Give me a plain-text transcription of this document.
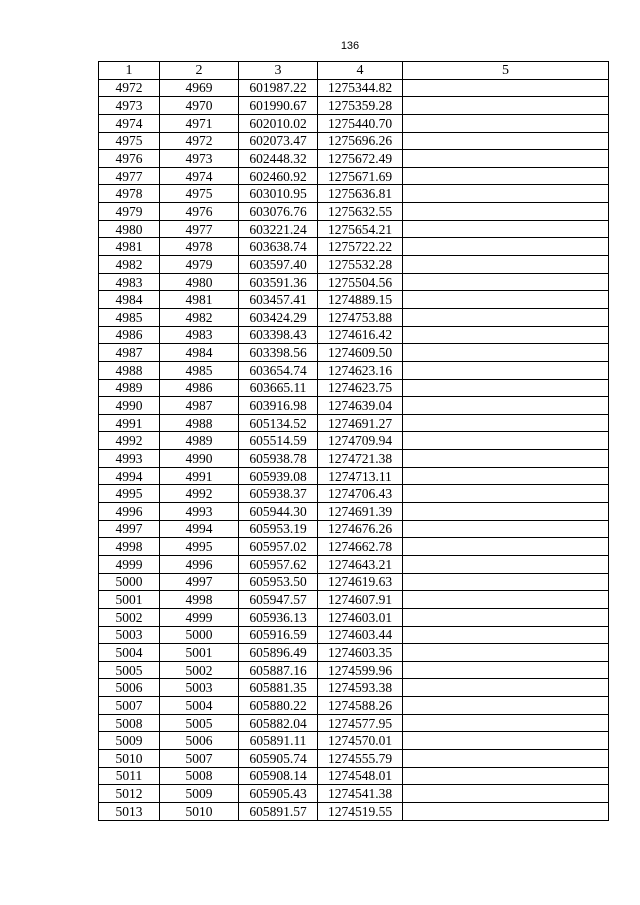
136
1	2	3	4	5
4972	4969	601987.22	1275344.82	
4973	4970	601990.67	1275359.28	
4974	4971	602010.02	1275440.70	
4975	4972	602073.47	1275696.26	
4976	4973	602448.32	1275672.49	
4977	4974	602460.92	1275671.69	
4978	4975	603010.95	1275636.81	
4979	4976	603076.76	1275632.55	
4980	4977	603221.24	1275654.21	
4981	4978	603638.74	1275722.22	
4982	4979	603597.40	1275532.28	
4983	4980	603591.36	1275504.56	
4984	4981	603457.41	1274889.15	
4985	4982	603424.29	1274753.88	
4986	4983	603398.43	1274616.42	
4987	4984	603398.56	1274609.50	
4988	4985	603654.74	1274623.16	
4989	4986	603665.11	1274623.75	
4990	4987	603916.98	1274639.04	
4991	4988	605134.52	1274691.27	
4992	4989	605514.59	1274709.94	
4993	4990	605938.78	1274721.38	
4994	4991	605939.08	1274713.11	
4995	4992	605938.37	1274706.43	
4996	4993	605944.30	1274691.39	
4997	4994	605953.19	1274676.26	
4998	4995	605957.02	1274662.78	
4999	4996	605957.62	1274643.21	
5000	4997	605953.50	1274619.63	
5001	4998	605947.57	1274607.91	
5002	4999	605936.13	1274603.01	
5003	5000	605916.59	1274603.44	
5004	5001	605896.49	1274603.35	
5005	5002	605887.16	1274599.96	
5006	5003	605881.35	1274593.38	
5007	5004	605880.22	1274588.26	
5008	5005	605882.04	1274577.95	
5009	5006	605891.11	1274570.01	
5010	5007	605905.74	1274555.79	
5011	5008	605908.14	1274548.01	
5012	5009	605905.43	1274541.38	
5013	5010	605891.57	1274519.55	
